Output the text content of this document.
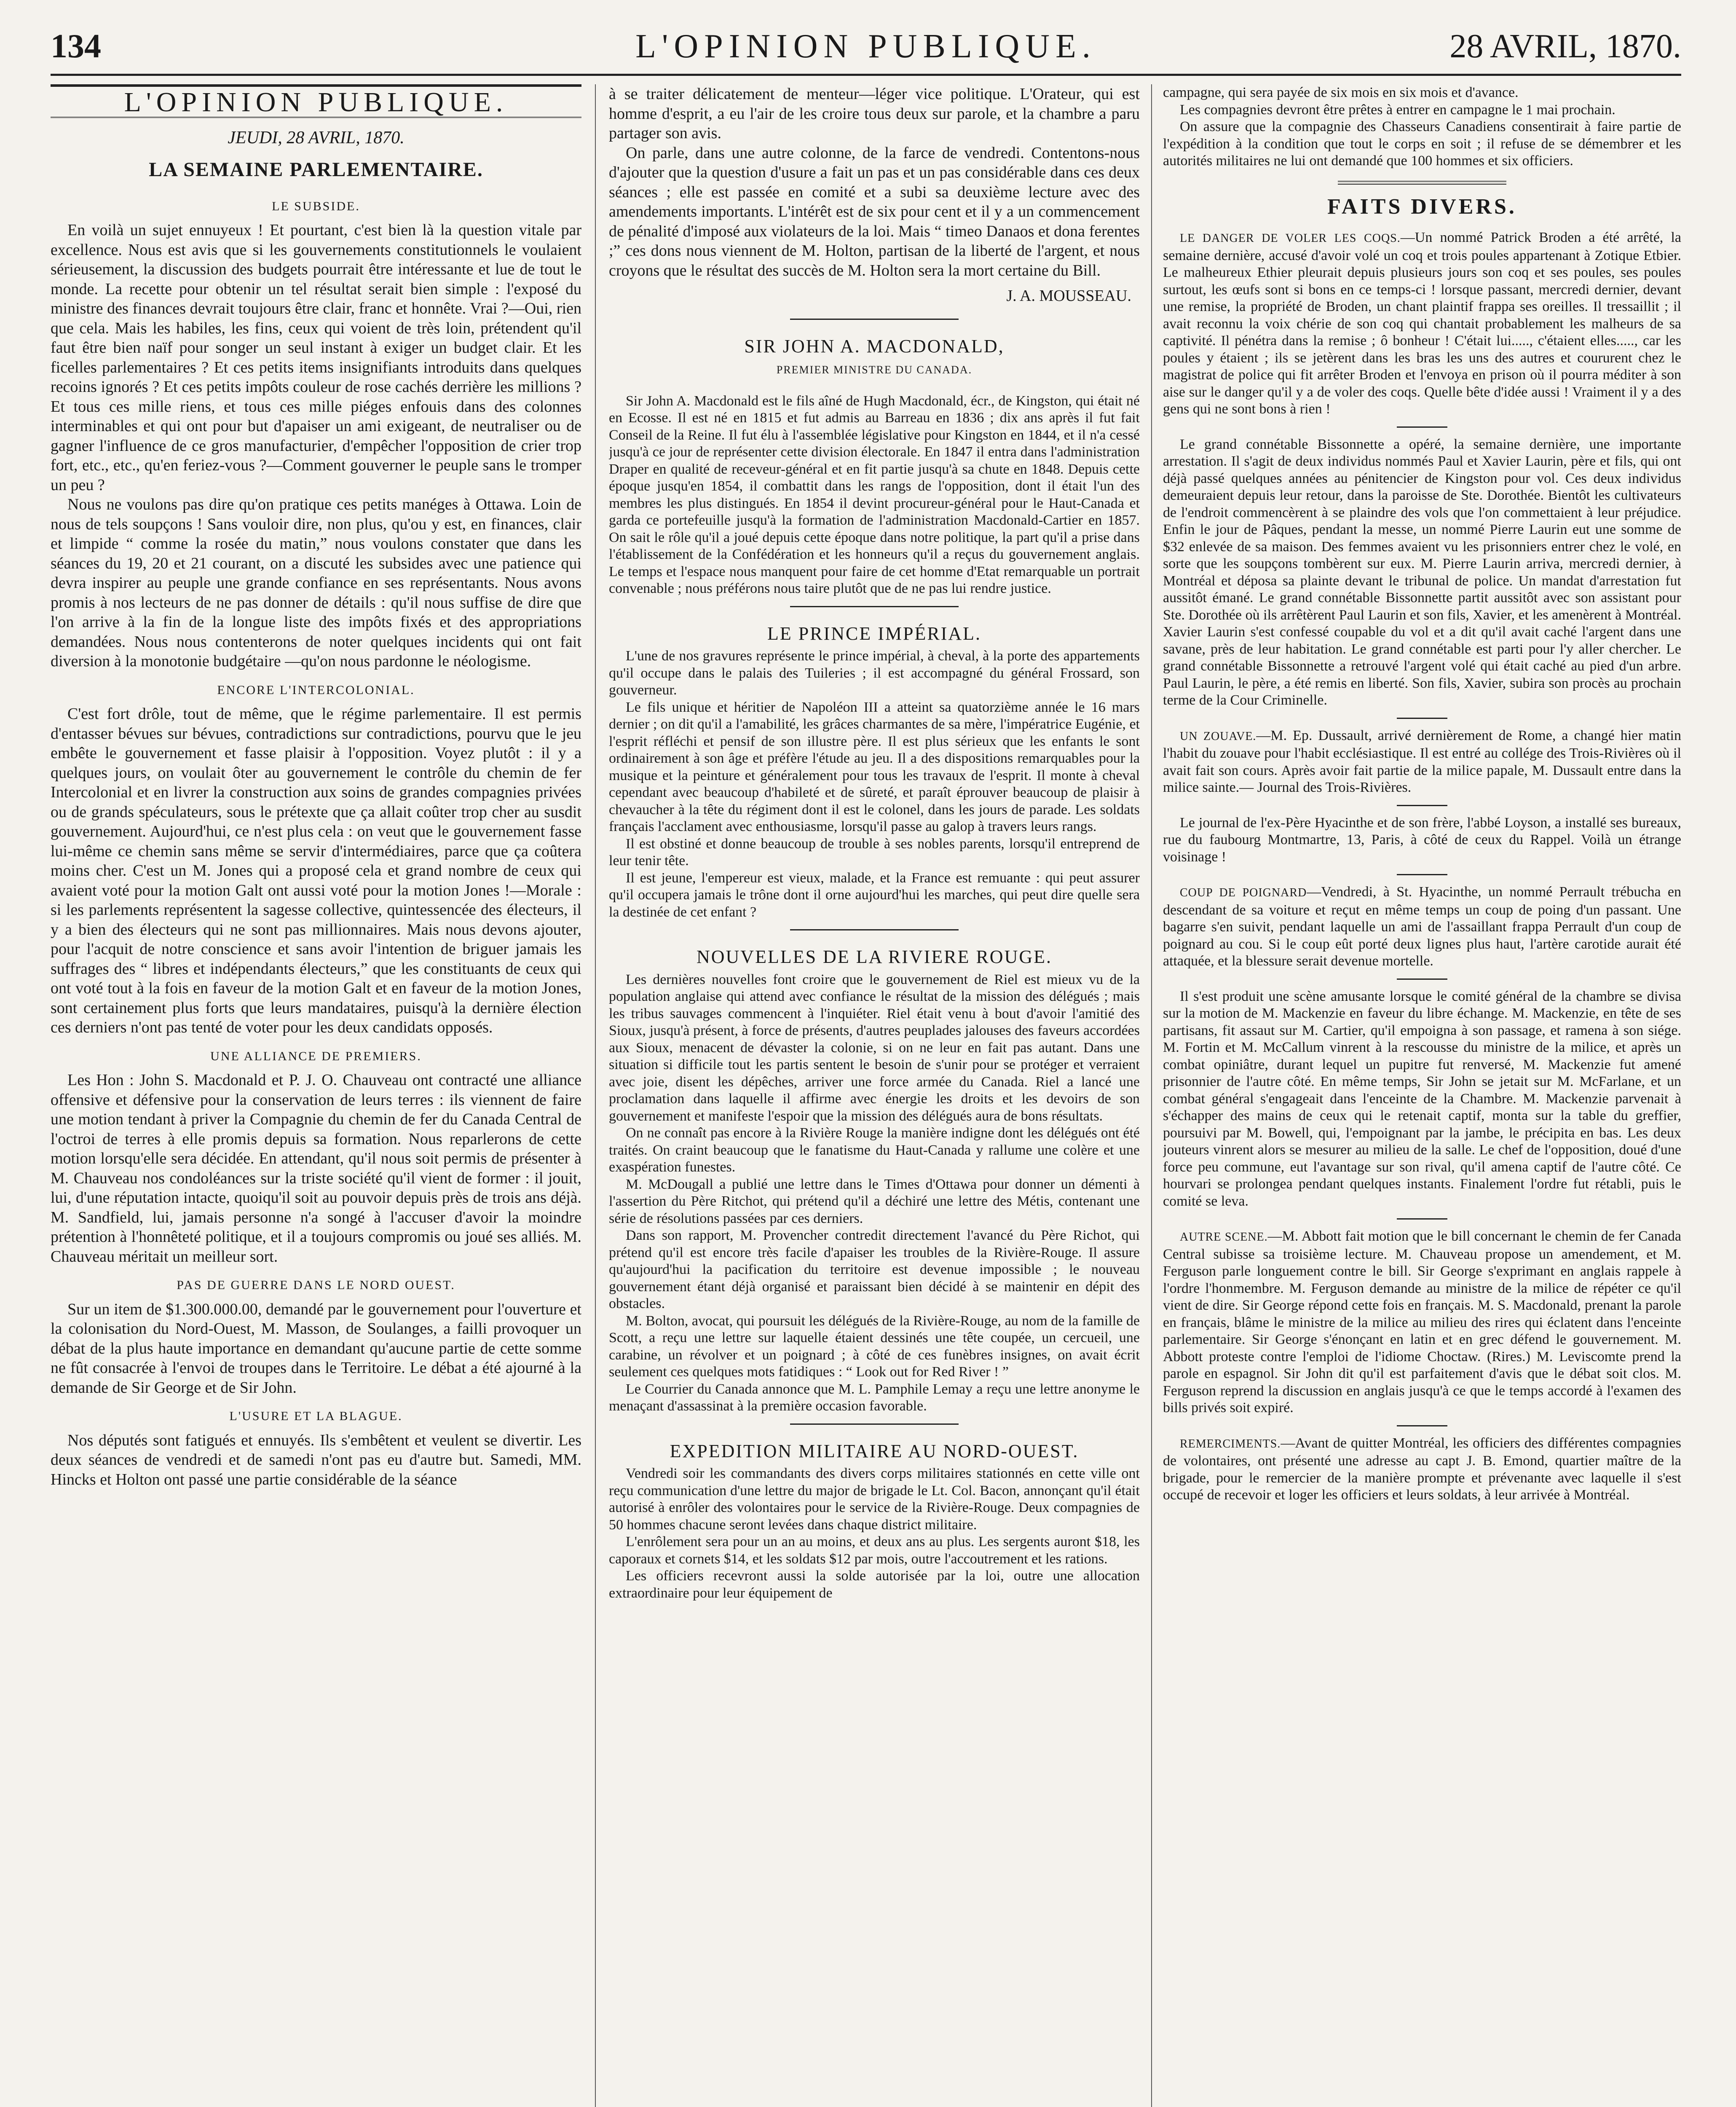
134	L'OPINION PUBLIQUE.	28 AVRIL, 1870.
L'OPINION PUBLIQUE.
JEUDI, 28 AVRIL, 1870.
LA SEMAINE PARLEMENTAIRE.
LE SUBSIDE.

En voilà un sujet ennuyeux ! Et pourtant, c'est bien là la question vitale par excellence. Nous est avis que si les gouvernements constitutionnels le voulaient sérieusement, la discussion des budgets pourrait être intéressante et lue de tout le monde. La recette pour obtenir un tel résultat serait bien simple : l'exposé du ministre des finances devrait toujours être clair, franc et honnête. Vrai ?—Oui, rien que cela. Mais les habiles, les fins, ceux qui voient de très loin, prétendent qu'il faut être bien naïf pour songer un seul instant à exiger un budget clair. Et les ficelles parlementaires ? Et ces petits items insignifiants introduits dans quelques recoins ignorés ? Et ces petits impôts couleur de rose cachés derrière les millions ? Et tous ces mille riens, et tous ces mille piéges enfouis dans des colonnes interminables et qui ont pour but d'apaiser un ami exigeant, de neutraliser ou de gagner l'influence de ce gros manufacturier, d'empêcher l'opposition de crier trop fort, etc., etc., qu'en feriez-vous ?—Comment gouverner le peuple sans le tromper un peu ?

Nous ne voulons pas dire qu'on pratique ces petits manéges à Ottawa. Loin de nous de tels soupçons ! Sans vouloir dire, non plus, qu'ou y est, en finances, clair et limpide “ comme la rosée du matin,” nous voulons constater que dans les séances du 19, 20 et 21 courant, on a discuté les subsides avec une patience qui devra inspirer au peuple une grande confiance en ses représentants. Nous avons promis à nos lecteurs de ne pas donner de détails : qu'il nous suffise de dire que l'on arrive à la fin de la longue liste des impôts fixés et des appropriations demandées. Nous nous contenterons de noter quelques incidents qui ont fait diversion à la monotonie budgétaire —qu'on nous pardonne le néologisme.

ENCORE L'INTERCOLONIAL.

C'est fort drôle, tout de même, que le régime parlementaire. Il est permis d'entasser bévues sur bévues, contradictions sur contradictions, pourvu que le jeu embête le gouvernement et fasse plaisir à l'opposition. Voyez plutôt : il y a quelques jours, on voulait ôter au gouvernement le contrôle du chemin de fer Intercolonial et en livrer la construction aux soins de grandes compagnies privées ou de grands spéculateurs, sous le prétexte que ça allait coûter trop cher au susdit gouvernement. Aujourd'hui, ce n'est plus cela : on veut que le gouvernement fasse lui-même ce chemin sans même se servir d'intermédiaires, parce que ça coûtera moins cher. C'est un M. Jones qui a proposé cela et grand nombre de ceux qui avaient voté pour la motion Galt ont aussi voté pour la motion Jones !—Morale : si les parlements représentent la sagesse collective, quintessencée des électeurs, il y a bien des électeurs qui ne sont pas millionnaires. Mais nous devons ajouter, pour l'acquit de notre conscience et sans avoir l'intention de briguer jamais les suffrages des “ libres et indépendants électeurs,” que les constituants de ceux qui ont voté tout à la fois en faveur de la motion Galt et en faveur de la motion Jones, sont certainement plus forts que leurs mandataires, puisqu'à la dernière élection ces derniers n'ont pas tenté de voter pour les deux candidats opposés.

UNE ALLIANCE DE PREMIERS.

Les Hon : John S. Macdonald et P. J. O. Chauveau ont contracté une alliance offensive et défensive pour la conservation de leurs terres : ils viennent de faire une motion tendant à priver la Compagnie du chemin de fer du Canada Central de l'octroi de terres à elle promis depuis sa formation. Nous reparlerons de cette motion lorsqu'elle sera décidée. En attendant, qu'il nous soit permis de présenter à M. Chauveau nos condoléances sur la triste société qu'il vient de former : il jouit, lui, d'une réputation intacte, quoiqu'il soit au pouvoir depuis près de trois ans déjà. M. Sandfield, lui, jamais personne n'a songé à l'accuser d'avoir la moindre prétention à l'honnêteté politique, et il a toujours compromis ou joué ses alliés. M. Chauveau méritait un meilleur sort.

PAS DE GUERRE DANS LE NORD OUEST.

Sur un item de $1.300.000.00, demandé par le gouvernement pour l'ouverture et la colonisation du Nord-Ouest, M. Masson, de Soulanges, a failli provoquer un débat de la plus haute importance en demandant qu'aucune partie de cette somme ne fût consacrée à l'envoi de troupes dans le Territoire. Le débat a été ajourné à la demande de Sir George et de Sir John.

L'USURE ET LA BLAGUE.

Nos députés sont fatigués et ennuyés. Ils s'embêtent et veulent se divertir. Les deux séances de vendredi et de samedi n'ont pas eu d'autre but. Samedi, MM. Hincks et Holton ont passé une partie considérable de la séance

à se traiter délicatement de menteur—léger vice politique. L'Orateur, qui est homme d'esprit, a eu l'air de les croire tous deux sur parole, et la chambre a paru partager son avis.

On parle, dans une autre colonne, de la farce de vendredi. Contentons-nous d'ajouter que la question d'usure a fait un pas et un pas considérable dans ces deux séances ; elle est passée en comité et a subi sa deuxième lecture avec des amendements importants. L'intérêt est de six pour cent et il y a un commencement de pénalité d'imposé aux violateurs de la loi. Mais “ timeo Danaos et dona ferentes ;” ces dons nous viennent de M. Holton, partisan de la liberté de l'argent, et nous croyons que le résultat des succès de M. Holton sera la mort certaine du Bill.

J. A. MOUSSEAU.
SIR JOHN A. MACDONALD,
PREMIER MINISTRE DU CANADA.

Sir John A. Macdonald est le fils aîné de Hugh Macdonald, écr., de Kingston, qui était né en Ecosse. Il est né en 1815 et fut admis au Barreau en 1836 ; dix ans après il fut fait Conseil de la Reine. Il fut élu à l'assemblée législative pour Kingston en 1844, et il n'a cessé jusqu'à ce jour de représenter cette division électorale. En 1847 il entra dans l'administration Draper en qualité de receveur-général et en fit partie jusqu'à sa chute en 1848. Depuis cette époque jusqu'en 1854, il combattit dans les rangs de l'opposition, dont il était l'un des membres les plus distingués. En 1854 il devint procureur-général pour le Haut-Canada et garda ce portefeuille jusqu'à la formation de l'administration Macdonald-Cartier en 1857. On sait le rôle qu'il a joué depuis cette époque dans notre politique, la part qu'il a prise dans l'établissement de la Confédération et les honneurs qu'il a reçus du gouvernement anglais. Le temps et l'espace nous manquent pour faire de cet homme d'Etat remarquable un portrait convenable ; nous préférons nous taire plutôt que de ne pas lui rendre justice.

LE PRINCE IMPÉRIAL.

L'une de nos gravures représente le prince impérial, à cheval, à la porte des appartements qu'il occupe dans le palais des Tuileries ; il est accompagné du général Frossard, son gouverneur.

Le fils unique et héritier de Napoléon III a atteint sa quatorzième année le 16 mars dernier ; on dit qu'il a l'amabilité, les grâces charmantes de sa mère, l'impératrice Eugénie, et l'esprit réfléchi et pensif de son illustre père. Il est plus sérieux que les enfants le sont ordinairement à son âge et préfère l'étude au jeu. Il a des dispositions remarquables pour la musique et la peinture et généralement pour tous les travaux de l'esprit. Il monte à cheval cependant avec beaucoup d'habileté et de sûreté, et paraît éprouver beaucoup de plaisir à chevaucher à la tête du régiment dont il est le colonel, dans les jours de parade. Les soldats français l'acclament avec enthousiasme, lorsqu'il passe au galop à travers leurs rangs.

Il est obstiné et donne beaucoup de trouble à ses nobles parents, lorsqu'il entreprend de leur tenir tête.

Il est jeune, l'empereur est vieux, malade, et la France est remuante : qui peut assurer qu'il occupera jamais le trône dont il orne aujourd'hui les marches, qui peut dire quelle sera la destinée de cet enfant ?

NOUVELLES DE LA RIVIERE ROUGE.

Les dernières nouvelles font croire que le gouvernement de Riel est mieux vu de la population anglaise qui attend avec confiance le résultat de la mission des délégués ; mais les tribus sauvages commencent à l'inquiéter. Riel était venu à bout d'avoir l'amitié des Sioux, jusqu'à présent, à force de présents, d'autres peuplades jalouses des faveurs accordées aux Sioux, menacent de dévaster la colonie, si on ne leur en fait pas autant. Dans une situation si difficile tout les partis sentent le besoin de s'unir pour se protéger et verraient avec joie, disent les dépêches, arriver une force armée du Canada. Riel a lancé une proclamation dans laquelle il affirme avec énergie les droits et les devoirs de son gouvernement et manifeste l'espoir que la mission des délégués aura de bons résultats.

On ne connaît pas encore à la Rivière Rouge la manière indigne dont les délégués ont été traités. On craint beaucoup que le fanatisme du Haut-Canada y rallume une colère et une exaspération funestes.

M. McDougall a publié une lettre dans le Times d'Ottawa pour donner un démenti à l'assertion du Père Ritchot, qui prétend qu'il a déchiré une lettre des Métis, contenant une série de résolutions passées par ces derniers.

Dans son rapport, M. Provencher contredit directement l'avancé du Père Richot, qui prétend qu'il est encore très facile d'apaiser les troubles de la Rivière-Rouge. Il assure qu'aujourd'hui la pacification du territoire est devenue impossible ; le nouveau gouvernement étant déjà organisé et paraissant bien décidé à se maintenir en dépit des obstacles.

M. Bolton, avocat, qui poursuit les délégués de la Rivière-Rouge, au nom de la famille de Scott, a reçu une lettre sur laquelle étaient dessinés une tête coupée, un cercueil, une carabine, un révolver et un poignard ; à côté de ces funèbres insignes, on avait écrit seulement ces quelques mots fatidiques : “ Look out for Red River ! ”

Le Courrier du Canada annonce que M. L. Pamphile Lemay a reçu une lettre anonyme le menaçant d'assassinat à la première occasion favorable.

EXPEDITION MILITAIRE AU NORD-OUEST.

Vendredi soir les commandants des divers corps militaires stationnés en cette ville ont reçu communication d'une lettre du major de brigade le Lt. Col. Bacon, annonçant qu'il était autorisé à enrôler des volontaires pour le service de la Rivière-Rouge. Deux compagnies de 50 hommes chacune seront levées dans chaque district militaire.

L'enrôlement sera pour un an au moins, et deux ans au plus. Les sergents auront $18, les caporaux et cornets $14, et les soldats $12 par mois, outre l'accoutrement et les rations.

Les officiers recevront aussi la solde autorisée par la loi, outre une allocation extraordinaire pour leur équipement de

campagne, qui sera payée de six mois en six mois et d'avance.

Les compagnies devront être prêtes à entrer en campagne le 1 mai prochain.

On assure que la compagnie des Chasseurs Canadiens consentirait à faire partie de l'expédition à la condition que tout le corps en soit ; il refuse de se démembrer et les autorités militaires ne lui ont demandé que 100 hommes et six officiers.

FAITS DIVERS.

LE DANGER DE VOLER LES COQS.—Un nommé Patrick Broden a été arrêté, la semaine dernière, accusé d'avoir volé un coq et trois poules appartenant à Zotique Etbier. Le malheureux Ethier pleurait depuis plusieurs jours son coq et ses poules, ses poules surtout, les œufs sont si bons en ce temps-ci ! lorsque passant, mercredi dernier, devant une remise, la propriété de Broden, un chant plaintif frappa ses oreilles. Il tressaillit ; il avait reconnu la voix chérie de son coq qui chantait probablement les malheurs de sa captivité. Il pénétra dans la remise ; ô bonheur ! C'était lui....., c'étaient elles....., car les poules y étaient ; ils se jetèrent dans les bras les uns des autres et coururent chez le magistrat de police qui fit arrêter Broden et l'envoya en prison où il pourra méditer à son aise sur le danger qu'il y a de voler des coqs. Quelle bête d'idée aussi ! Vraiment il y a des gens qui ne sont bons à rien !

Le grand connétable Bissonnette a opéré, la semaine dernière, une importante arrestation. Il s'agit de deux individus nommés Paul et Xavier Laurin, père et fils, qui ont déjà passé quelques années au pénitencier de Kingston pour vol. Ces deux individus demeuraient depuis leur retour, dans la paroisse de Ste. Dorothée. Bientôt les cultivateurs de l'endroit commencèrent à se plaindre des vols que l'on commettaient à leur préjudice. Enfin le jour de Pâques, pendant la messe, un nommé Pierre Laurin eut une somme de $32 enlevée de sa maison. Des femmes avaient vu les prisonniers entrer chez le volé, en sorte que les soupçons tombèrent sur eux. M. Pierre Laurin arriva, mercredi dernier, à Montréal et déposa sa plainte devant le tribunal de police. Un mandat d'arrestation fut aussitôt émané. Le grand connétable Bissonnette partit aussitôt avec son assistant pour Ste. Dorothée où ils arrêtèrent Paul Laurin et son fils, Xavier, et les amenèrent à Montréal. Xavier Laurin s'est confessé coupable du vol et a dit qu'il avait caché l'argent dans une savane, près de leur habitation. Le grand connétable est parti pour l'y aller chercher. Le grand connétable Bissonnette a retrouvé l'argent volé qui était caché au pied d'un arbre. Paul Laurin, le père, a été remis en liberté. Son fils, Xavier, subira son procès au prochain terme de la Cour Criminelle.

UN ZOUAVE.—M. Ep. Dussault, arrivé dernièrement de Rome, a changé hier matin l'habit du zouave pour l'habit ecclésiastique. Il est entré au collége des Trois-Rivières où il avait fait son cours. Après avoir fait partie de la milice papale, M. Dussault entre dans la milice sainte.— Journal des Trois-Rivières.

Le journal de l'ex-Père Hyacinthe et de son frère, l'abbé Loyson, a installé ses bureaux, rue du faubourg Montmartre, 13, Paris, à côté de ceux du Rappel. Voilà un étrange voisinage !

COUP DE POIGNARD—Vendredi, à St. Hyacinthe, un nommé Perrault trébucha en descendant de sa voiture et reçut en même temps un coup de poing d'un passant. Une bagarre s'en suivit, pendant laquelle un ami de l'assaillant frappa Perrault d'un coup de poignard au cou. Si le coup eût porté deux lignes plus haut, l'artère carotide aurait été attaquée, et la blessure serait devenue mortelle.

Il s'est produit une scène amusante lorsque le comité général de la chambre se divisa sur la motion de M. Mackenzie en faveur du libre échange. M. Mackenzie, en tête de ses partisans, fit assaut sur M. Cartier, qu'il empoigna à son passage, et ramena à son siége. M. Fortin et M. McCallum vinrent à la rescousse du ministre de la milice, et après un combat opiniâtre, durant lequel un pupitre fut renversé, M. Mackenzie fut amené prisonnier de l'autre côté. En même temps, Sir John se jetait sur M. McFarlane, et un combat général s'engageait dans l'enceinte de la Chambre. M. Mackenzie parvenait à s'échapper des mains de ceux qui le retenait captif, monta sur la table du greffier, poursuivi par M. Bowell, qui, l'empoignant par la jambe, le précipita en bas. Les deux jouteurs vinrent alors se mesurer au milieu de la salle. Le chef de l'opposition, doué d'une force peu commune, eut l'avantage sur son rival, qu'il amena captif de l'autre côté. Ce hourvari se prolongea pendant quelques instants. Finalement l'ordre fut rétabli, puis le comité se leva.

AUTRE SCENE.—M. Abbott fait motion que le bill concernant le chemin de fer Canada Central subisse sa troisième lecture. M. Chauveau propose un amendement, et M. Ferguson parle longuement contre le bill. Sir George s'exprimant en anglais rappele à l'ordre l'honmembre. M. Ferguson demande au ministre de la milice de répéter ce qu'il vient de dire. Sir George répond cette fois en français. M. S. Macdonald, prenant la parole en français, blâme le ministre de la milice au milieu des rires qui éclatent dans l'enceinte parlementaire. Sir George s'énonçant en latin et en grec défend le gouvernement. M. Abbott proteste contre l'emploi de l'idiome Choctaw. (Rires.) M. Leviscomte prend la parole en espagnol. Sir John dit qu'il est parfaitement d'avis que le débat soit clos. M. Ferguson reprend la discussion en anglais jusqu'à ce que le temps accordé à l'examen des bills privés soit expiré.

REMERCIMENTS.—Avant de quitter Montréal, les officiers des différentes compagnies de volontaires, ont présenté une adresse au capt J. B. Emond, quartier maître de la brigade, pour le remercier de la manière prompte et prévenante avec laquelle il s'est occupé de recevoir et loger les officiers et leurs soldats, à leur arrivée à Montréal.
